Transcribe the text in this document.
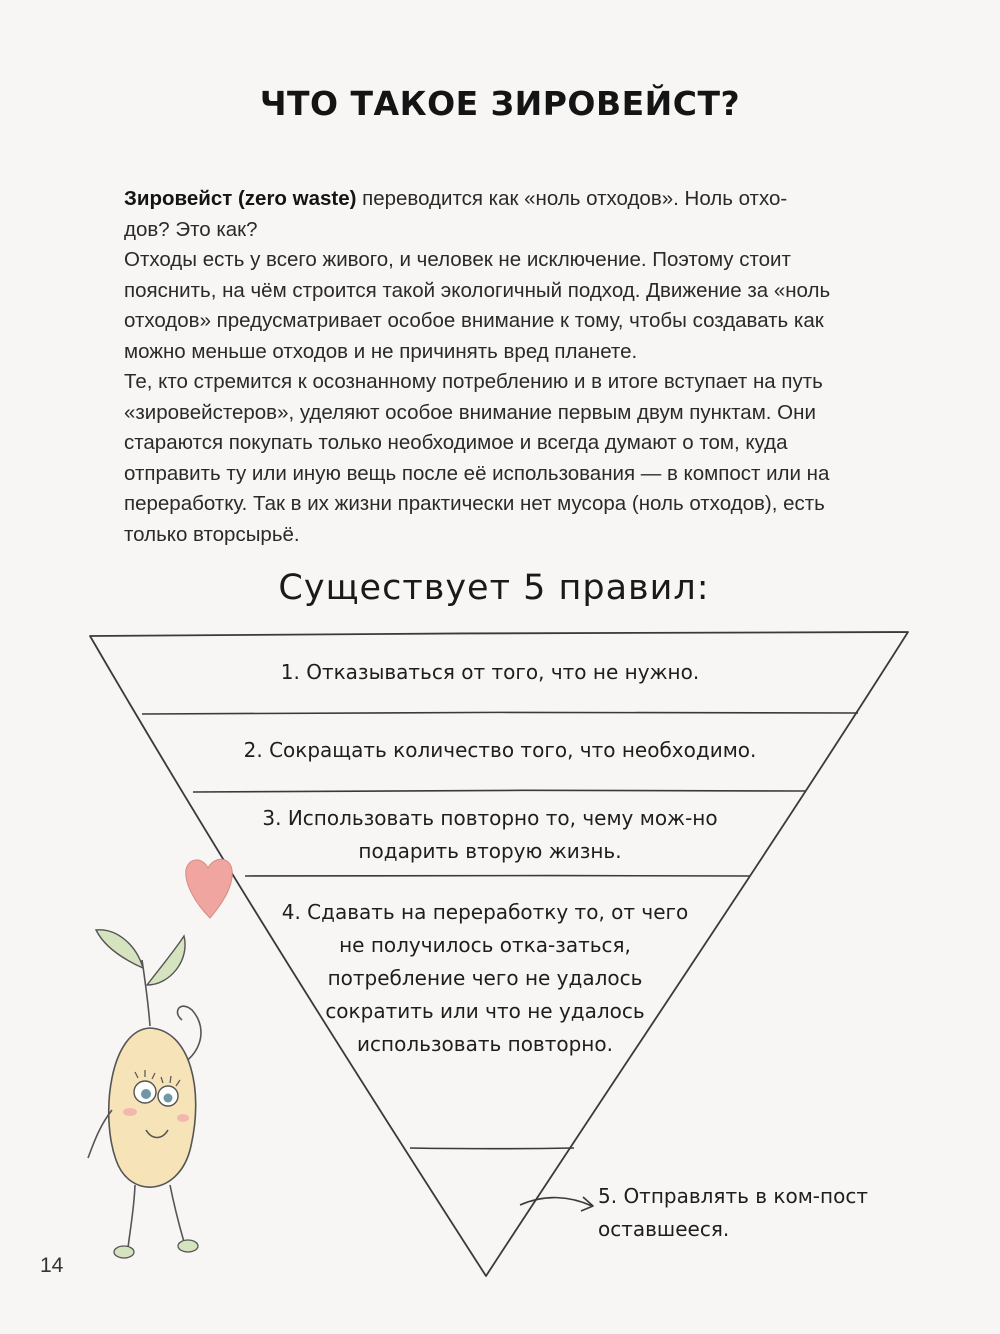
ЧТО ТАКОЕ ЗИРОВЕЙСТ?

Зировейст (zero waste) переводится как «ноль отходов». Ноль отхо-
дов? Это как?

Отходы есть у всего живого, и человек не исключение. Поэтому стоит пояснить, на чём строится такой экологичный подход. Движение за «ноль отходов» предусматривает особое внимание к тому, чтобы создавать как можно меньше отходов и не причинять вред планете.

Те, кто стремится к осознанному потреблению и в итоге вступает на путь «зировейстеров», уделяют особое внимание первым двум пунктам. Они стараются покупать только необходимое и всегда думают о том, куда отправить ту или иную вещь после её использования — в компост или на переработку. Так в их жизни практически нет мусора (ноль отходов), есть только вторсырьё.

Существует 5 правил:
1. Отказываться от того, что не нужно.
2. Сокращать количество того, что необходимо.
3. Использовать повторно то, чему мож-но подарить вторую жизнь.
4. Сдавать на переработку то, от чего не получилось отка-заться, потребление чего не удалось сократить или что не удалось использовать повторно.
5. Отправлять в ком-пост оставшееся.
14
